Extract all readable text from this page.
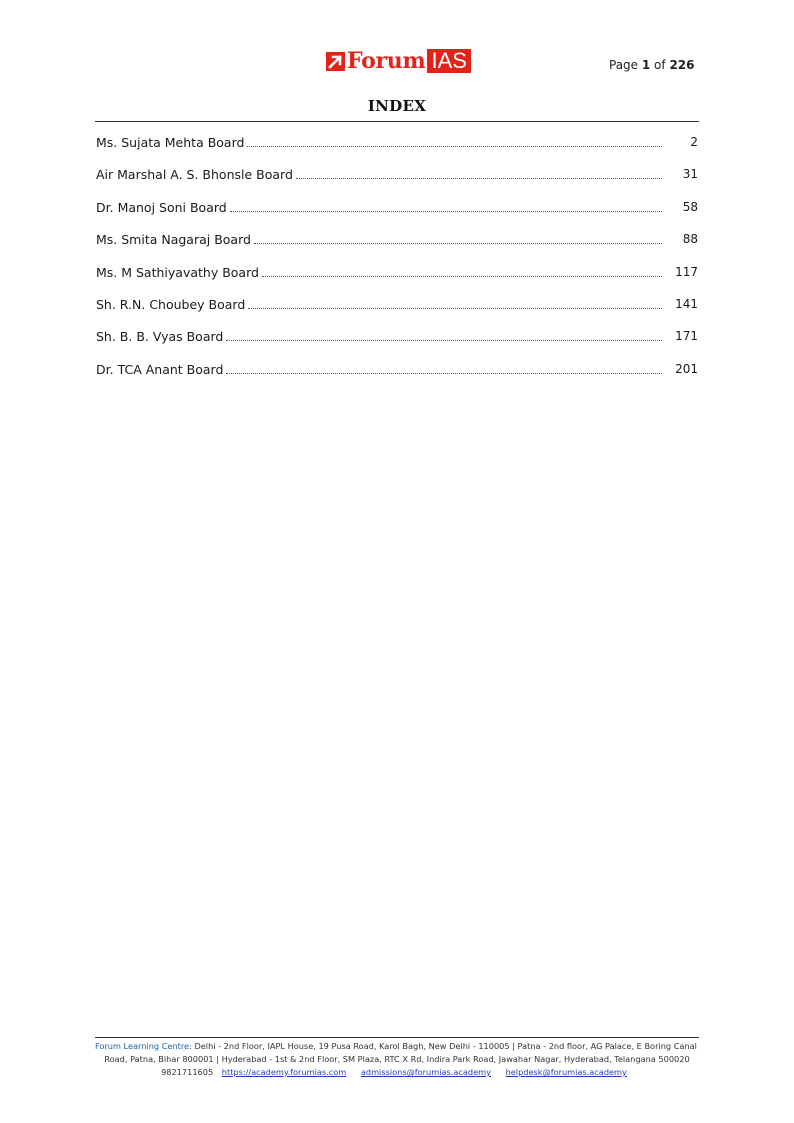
Forum IAS	Page 1 of 226
INDEX
Ms. Sujata Mehta Board	2
Air Marshal A. S. Bhonsle Board	31
Dr. Manoj Soni Board	58
Ms. Smita Nagaraj Board	88
Ms. M Sathiyavathy Board	117
Sh. R.N. Choubey Board	141
Sh. B. B. Vyas Board	171
Dr. TCA Anant Board	201
Forum Learning Centre: Delhi - 2nd Floor, IAPL House, 19 Pusa Road, Karol Bagh, New Delhi - 110005 | Patna - 2nd floor, AG Palace, E Boring Canal
Road, Patna, Bihar 800001 | Hyderabad - 1st & 2nd Floor, SM Plaza, RTC X Rd, Indira Park Road, Jawahar Nagar, Hyderabad, Telangana 500020
9821711605 https://academy.forumias.com admissions@forumias.academy helpdesk@forumias.academy
